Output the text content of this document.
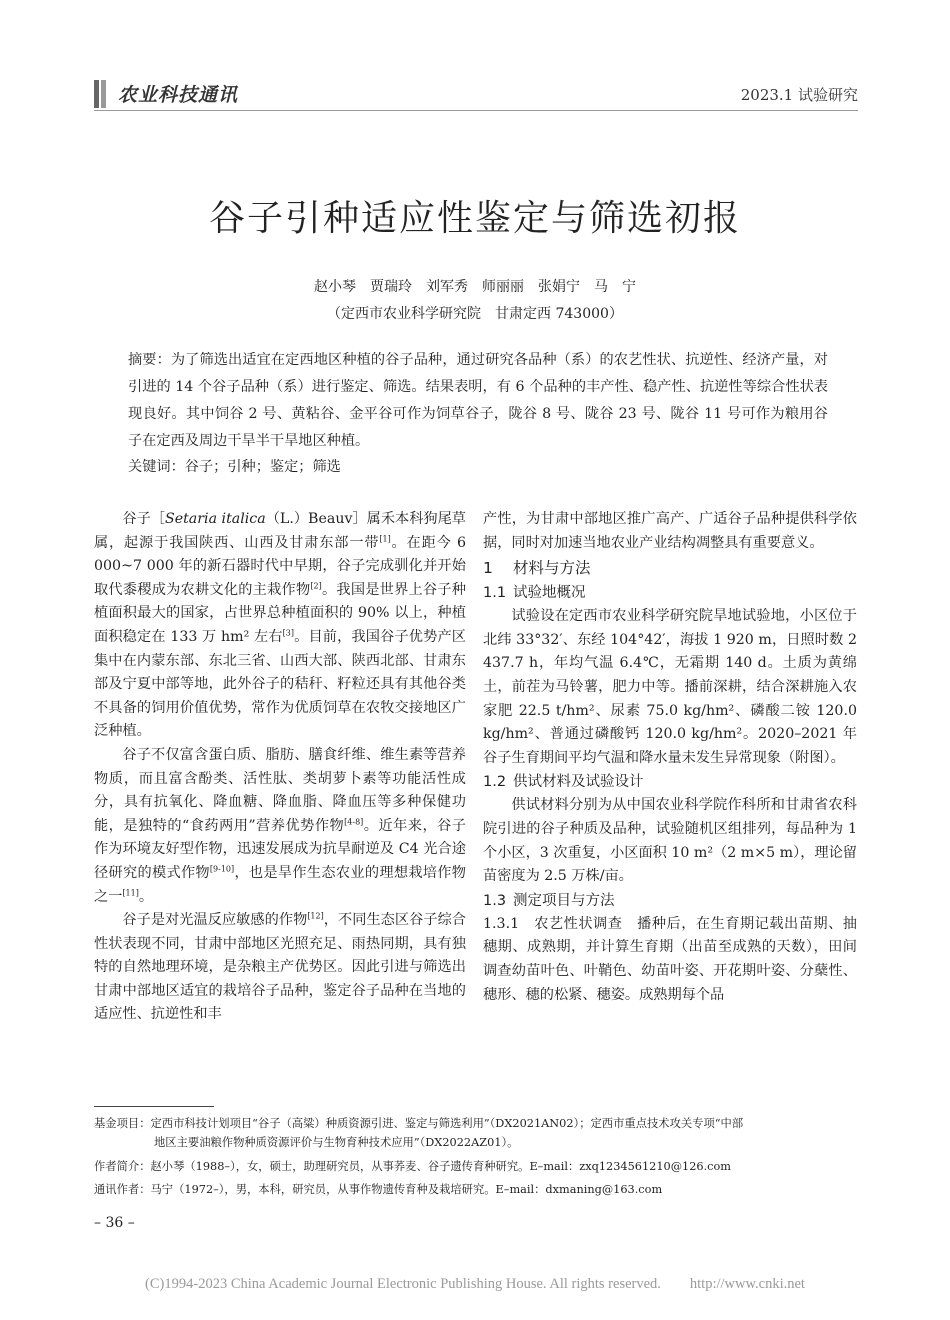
农业科技通讯	2023.1 试验研究
谷子引种适应性鉴定与筛选初报
赵小琴　贾瑞玲　刘军秀　师丽丽　张娟宁　马　宁
（定西市农业科学研究院　甘肃定西 743000）
摘要：为了筛选出适宜在定西地区种植的谷子品种，通过研究各品种（系）的农艺性状、抗逆性、经济产量，对引进的 14 个谷子品种（系）进行鉴定、筛选。结果表明，有 6 个品种的丰产性、稳产性、抗逆性等综合性状表现良好。其中饲谷 2 号、黄粘谷、金平谷可作为饲草谷子，陇谷 8 号、陇谷 23 号、陇谷 11 号可作为粮用谷子在定西及周边干旱半干旱地区种植。
关键词：谷子；引种；鉴定；筛选

谷子［Setaria italica（L.）Beauv］属禾本科狗尾草属，起源于我国陕西、山西及甘肃东部一带[1]。在距今 6 000~7 000 年的新石器时代中早期，谷子完成驯化并开始取代黍稷成为农耕文化的主栽作物[2]。我国是世界上谷子种植面积最大的国家，占世界总种植面积的 90% 以上，种植面积稳定在 133 万 hm² 左右[3]。目前，我国谷子优势产区集中在内蒙东部、东北三省、山西大部、陕西北部、甘肃东部及宁夏中部等地，此外谷子的秸秆、籽粒还具有其他谷类不具备的饲用价值优势，常作为优质饲草在农牧交接地区广泛种植。

谷子不仅富含蛋白质、脂肪、膳食纤维、维生素等营养物质，而且富含酚类、活性肽、类胡萝卜素等功能活性成分，具有抗氧化、降血糖、降血脂、降血压等多种保健功能，是独特的“食药两用”营养优势作物[4-8]。近年来，谷子作为环境友好型作物，迅速发展成为抗旱耐逆及 C4 光合途径研究的模式作物[9-10]，也是旱作生态农业的理想栽培作物之一[11]。

谷子是对光温反应敏感的作物[12]，不同生态区谷子综合性状表现不同，甘肃中部地区光照充足、雨热同期，具有独特的自然地理环境，是杂粮主产优势区。因此引进与筛选出甘肃中部地区适宜的栽培谷子品种，鉴定谷子品种在当地的适应性、抗逆性和丰

产性，为甘肃中部地区推广高产、广适谷子品种提供科学依据，同时对加速当地农业产业结构凋整具有重要意义。

1 材料与方法
1.1 试验地概况

试验设在定西市农业科学研究院旱地试验地，小区位于北纬 33°32′、东经 104°42′，海拔 1 920 m，日照时数 2 437.7 h，年均气温 6.4℃，无霜期 140 d。土质为黄绵土，前茬为马铃薯，肥力中等。播前深耕，结合深耕施入农家肥 22.5 t/hm²、尿素 75.0 kg/hm²、磷酸二铵 120.0 kg/hm²、普通过磷酸钙 120.0 kg/hm²。2020–2021 年谷子生育期间平均气温和降水量未发生异常现象（附图）。

1.2 供试材料及试验设计

供试材料分别为从中国农业科学院作科所和甘肃省农科院引进的谷子种质及品种，试验随机区组排列，每品种为 1 个小区，3 次重复，小区面积 10 m²（2 m×5 m），理论留苗密度为 2.5 万株/亩。

1.3 测定项目与方法

1.3.1　农艺性状调查　播种后，在生育期记载出苗期、抽穗期、成熟期，并计算生育期（出苗至成熟的天数），田间调查幼苗叶色、叶鞘色、幼苗叶姿、开花期叶姿、分蘖性、穗形、穗的松紧、穗姿。成熟期每个品

基金项目：定西市科技计划项目“谷子（高粱）种质资源引进、鉴定与筛选利用”（DX2021AN02）；定西市重点技术攻关专项“中部
地区主要油粮作物种质资源评价与生物育种技术应用”（DX2022AZ01）。
作者简介：赵小琴（1988–），女，硕士，助理研究员，从事荞麦、谷子遗传育种研究。E–mail：zxq1234561210@126.com
通讯作者：马宁（1972–），男，本科，研究员，从事作物遗传育种及栽培研究。E–mail：dxmaning@163.com
– 36 –
(C)1994-2023 China Academic Journal Electronic Publishing House. All rights reserved.　　http://www.cnki.net
